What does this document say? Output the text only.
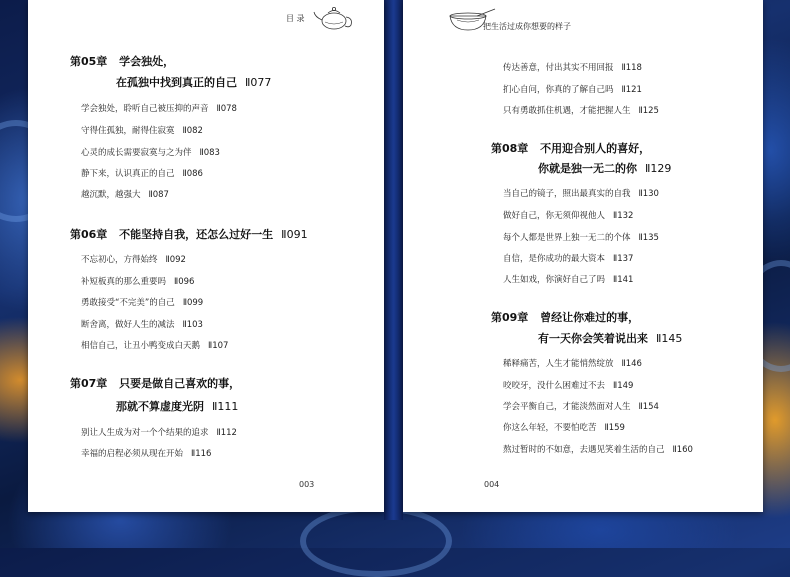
目 录
第05章 学会独处，
在孤独中找到真正的自己 Ⅱ077
学会独处，聆听自己被压抑的声音 Ⅱ078
守得住孤独，耐得住寂寞 Ⅱ082
心灵的成长需要寂寞与之为伴 Ⅱ083
静下来，认识真正的自己 Ⅱ086
越沉默，越强大 Ⅱ087
第06章 不能坚持自我，还怎么过好一生 Ⅱ091
不忘初心，方得始终 Ⅱ092
补短板真的那么重要吗 Ⅱ096
勇敢接受“不完美”的自己 Ⅱ099
断舍离，做好人生的减法 Ⅱ103
相信自己，让丑小鸭变成白天鹅 Ⅱ107
第07章 只要是做自己喜欢的事，
那就不算虚度光阴 Ⅱ111
别让人生成为对一个个结果的追求 Ⅱ112
幸福的启程必须从现在开始 Ⅱ116
003
把生活过成你想要的样子
传达善意，付出其实不用回报 Ⅱ118
扪心自问，你真的了解自己吗 Ⅱ121
只有勇敢抓住机遇，才能把握人生 Ⅱ125
第08章 不用迎合别人的喜好，
你就是独一无二的你 Ⅱ129
当自己的镜子，照出最真实的自我 Ⅱ130
做好自己，你无须仰视他人 Ⅱ132
每个人都是世界上独一无二的个体 Ⅱ135
自信，是你成功的最大资本 Ⅱ137
人生如戏，你演好自己了吗 Ⅱ141
第09章 曾经让你难过的事，
有一天你会笑着说出来 Ⅱ145
稀释痛苦，人生才能悄然绽放 Ⅱ146
咬咬牙，没什么困难过不去 Ⅱ149
学会平衡自己，才能淡然面对人生 Ⅱ154
你这么年轻，不要怕吃苦 Ⅱ159
熬过暂时的不如意，去遇见笑着生活的自己 Ⅱ160
004
